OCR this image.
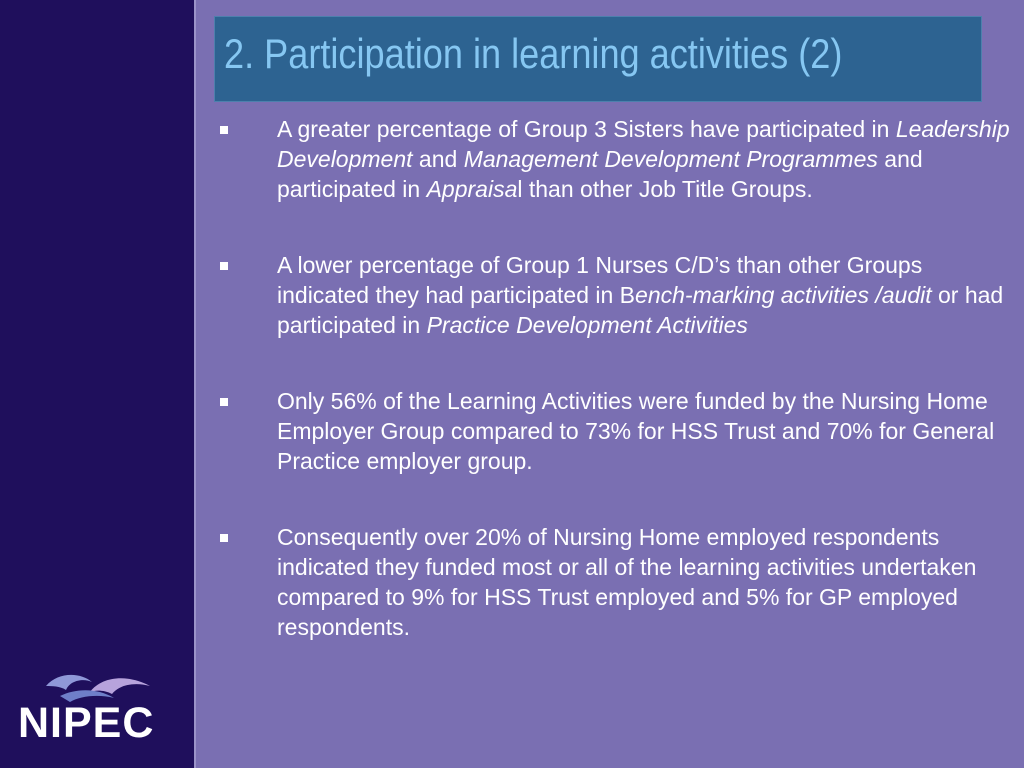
NIPEC
2. Participation in learning activities (2)
A greater percentage of Group 3 Sisters have participated in Leadership Development and Management Development Programmes and participated in Appraisal than other Job Title Groups.
A lower percentage of Group 1 Nurses C/D’s than other Groups indicated they had participated in Bench-marking activities /audit or had participated in Practice Development Activities
Only 56% of the Learning Activities were funded by the Nursing Home Employer Group compared to 73% for HSS Trust and 70% for General Practice employer group.
Consequently over 20% of Nursing Home employed respondents indicated they funded most or all of the learning activities undertaken compared to 9% for HSS Trust employed and 5% for GP employed respondents.
